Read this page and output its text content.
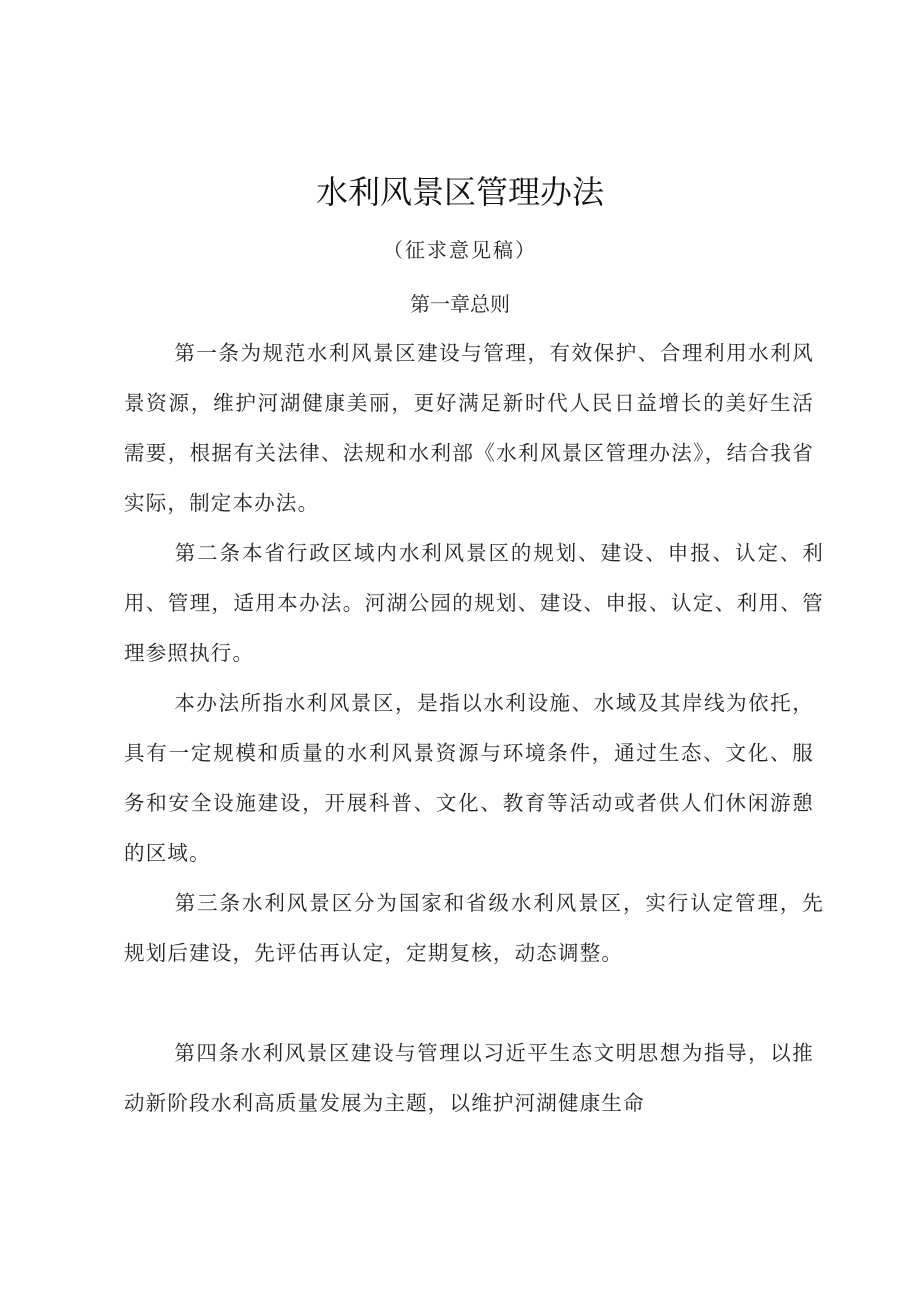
水利风景区管理办法
（征求意见稿）
第一章总则

第一条为规范水利风景区建设与管理，有效保护、合理利用水利风景资源，维护河湖健康美丽，更好满足新时代人民日益增长的美好生活需要，根据有关法律、法规和水利部《水利风景区管理办法》，结合我省实际，制定本办法。

第二条本省行政区域内水利风景区的规划、建设、申报、认定、利用、管理，适用本办法。河湖公园的规划、建设、申报、认定、利用、管理参照执行。

本办法所指水利风景区，是指以水利设施、水域及其岸线为依托，具有一定规模和质量的水利风景资源与环境条件，通过生态、文化、服务和安全设施建设，开展科普、文化、教育等活动或者供人们休闲游憩的区域。

第三条水利风景区分为国家和省级水利风景区，实行认定管理，先规划后建设，先评估再认定，定期复核，动态调整。

第四条水利风景区建设与管理以习近平生态文明思想为指导，以推动新阶段水利高质量发展为主题，以维护河湖健康生命
